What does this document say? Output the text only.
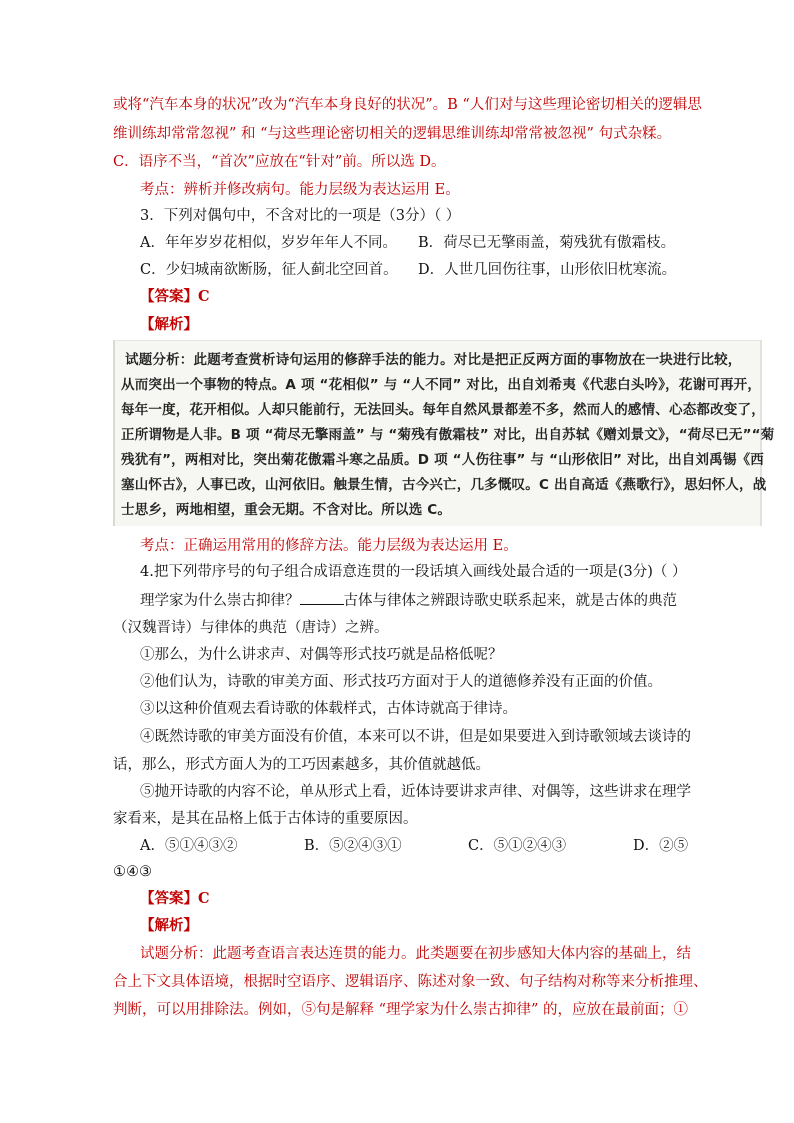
或将“汽车本身的状况”改为“汽车本身良好的状况”。B “人们对与这些理论密切相关的逻辑思
维训练却常常忽视” 和 “与这些理论密切相关的逻辑思维训练却常常被忽视” 句式杂糅。
C．语序不当，“首次”应放在“针对”前。所以选 D。
考点：辨析并修改病句。能力层级为表达运用 E。
3．下列对偶句中，不含对比的一项是（3分）（ ）
A．年年岁岁花相似，岁岁年年人不同。 B．荷尽已无擎雨盖，菊残犹有傲霜枝。
C．少妇城南欲断肠，征人蓟北空回首。 D．人世几回伤往事，山形依旧枕寒流。
【答案】C
【解析】
试题分析：此题考查赏析诗句运用的修辞手法的能力。对比是把正反两方面的事物放在一块进行比较，
从而突出一个事物的特点。A 项 “花相似” 与 “人不同” 对比，出自刘希夷《代悲白头吟》，花谢可再开，
每年一度，花开相似。人却只能前行，无法回头。每年自然风景都差不多，然而人的感情、心态都改变了，
正所谓物是人非。B 项 “荷尽无擎雨盖” 与 “菊残有傲霜枝” 对比，出自苏轼《赠刘景文》，“荷尽已无”“菊
残犹有”，两相对比，突出菊花傲霜斗寒之品质。D 项 “人伤往事” 与 “山形依旧” 对比，出自刘禹锡《西
塞山怀古》，人事已改，山河依旧。触景生情，古今兴亡，几多慨叹。C 出自高适《燕歌行》，思妇怀人，战
士思乡，两地相望，重会无期。不含对比。所以选 C。
考点：正确运用常用的修辞方法。能力层级为表达运用 E。
4.把下列带序号的句子组合成语意连贯的一段话填入画线处最合适的一项是(3分)（ ）
理学家为什么崇古抑律？	古体与律体之辨跟诗歌史联系起来，就是古体的典范
（汉魏晋诗）与律体的典范（唐诗）之辨。
①那么，为什么讲求声、对偶等形式技巧就是品格低呢？
②他们认为，诗歌的审美方面、形式技巧方面对于人的道德修养没有正面的价值。
③以这种价值观去看诗歌的体载样式，古体诗就高于律诗。
④既然诗歌的审美方面没有价值，本来可以不讲，但是如果要进入到诗歌领域去谈诗的
话，那么，形式方面人为的工巧因素越多，其价值就越低。
⑤抛开诗歌的内容不论，单从形式上看，近体诗要讲求声律、对偶等，这些讲求在理学
家看来，是其在品格上低于古体诗的重要原因。
A．⑤①④③②	B．⑤②④③①	C．⑤①②④③	D．②⑤
①④③
【答案】C
【解析】
试题分析：此题考查语言表达连贯的能力。此类题要在初步感知大体内容的基础上，结
合上下文具体语境，根据时空语序、逻辑语序、陈述对象一致、句子结构对称等来分析推理、
判断，可以用排除法。例如，⑤句是解释 “理学家为什么崇古抑律” 的，应放在最前面；①
